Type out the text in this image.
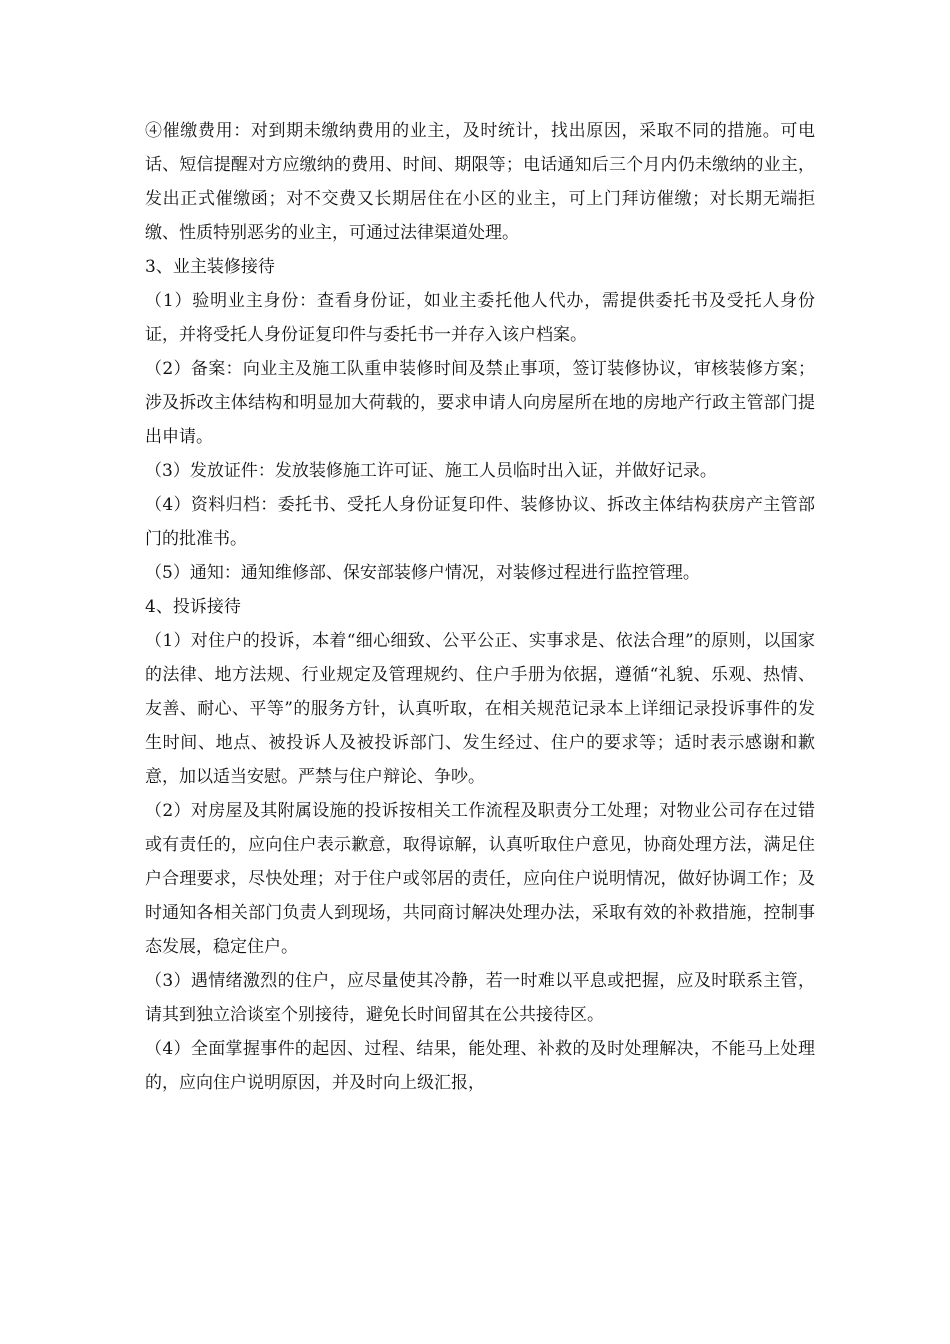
④催缴费用：对到期未缴纳费用的业主，及时统计，找出原因，采取不同的措施。可电话、短信提醒对方应缴纳的费用、时间、期限等；电话通知后三个月内仍未缴纳的业主，发出正式催缴函；对不交费又长期居住在小区的业主，可上门拜访催缴；对长期无端拒缴、性质特别恶劣的业主，可通过法律渠道处理。

3、业主装修接待

（1）验明业主身份：查看身份证，如业主委托他人代办，需提供委托书及受托人身份证，并将受托人身份证复印件与委托书一并存入该户档案。

（2）备案：向业主及施工队重申装修时间及禁止事项，签订装修协议，审核装修方案；涉及拆改主体结构和明显加大荷载的，要求申请人向房屋所在地的房地产行政主管部门提出申请。

（3）发放证件：发放装修施工许可证、施工人员临时出入证，并做好记录。

（4）资料归档：委托书、受托人身份证复印件、装修协议、拆改主体结构获房产主管部门的批准书。

（5）通知：通知维修部、保安部装修户情况，对装修过程进行监控管理。

4、投诉接待

（1）对住户的投诉，本着“细心细致、公平公正、实事求是、依法合理”的原则，以国家的法律、地方法规、行业规定及管理规约、住户手册为依据，遵循“礼貌、乐观、热情、友善、耐心、平等”的服务方针，认真听取，在相关规范记录本上详细记录投诉事件的发生时间、地点、被投诉人及被投诉部门、发生经过、住户的要求等；适时表示感谢和歉意，加以适当安慰。严禁与住户辩论、争吵。

（2）对房屋及其附属设施的投诉按相关工作流程及职责分工处理；对物业公司存在过错或有责任的，应向住户表示歉意，取得谅解，认真听取住户意见，协商处理方法，满足住户合理要求，尽快处理；对于住户或邻居的责任，应向住户说明情况，做好协调工作；及时通知各相关部门负责人到现场，共同商讨解决处理办法，采取有效的补救措施，控制事态发展，稳定住户。

（3）遇情绪激烈的住户，应尽量使其冷静，若一时难以平息或把握，应及时联系主管，请其到独立洽谈室个别接待，避免长时间留其在公共接待区。

（4）全面掌握事件的起因、过程、结果，能处理、补救的及时处理解决，不能马上处理的，应向住户说明原因，并及时向上级汇报，
